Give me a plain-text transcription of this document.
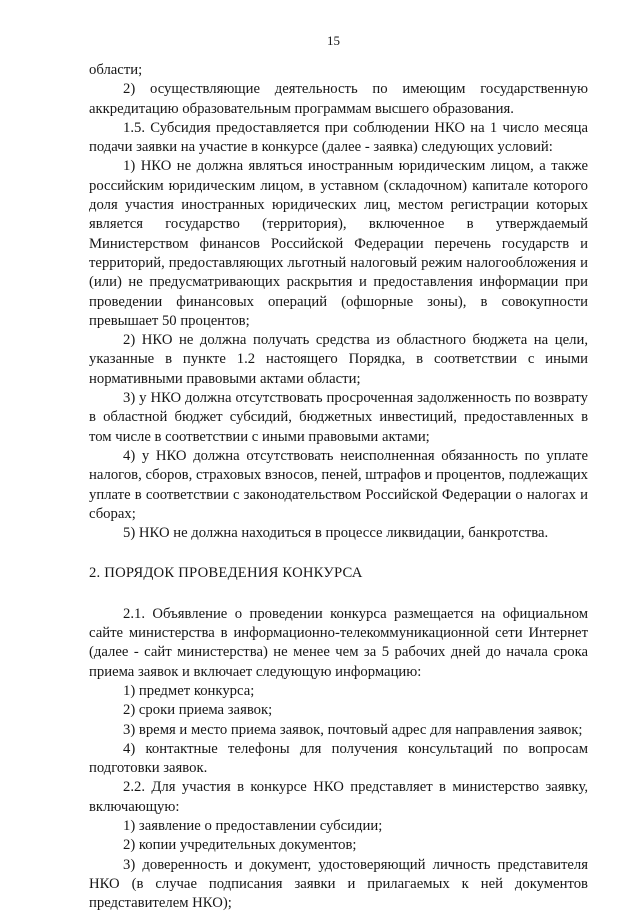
15

области;

2) осуществляющие деятельность по имеющим государственную аккредитацию образовательным программам высшего образования.

1.5. Субсидия предоставляется при соблюдении НКО на 1 число месяца подачи заявки на участие в конкурсе (далее - заявка) следующих условий:

1) НКО не должна являться иностранным юридическим лицом, а также российским юридическим лицом, в уставном (складочном) капитале которого доля участия иностранных юридических лиц, местом регистрации которых является государство (территория), включенное в утверждаемый Министерством финансов Российской Федерации перечень государств и территорий, предоставляющих льготный налоговый режим налогообложения и (или) не предусматривающих раскрытия и предоставления информации при проведении финансовых операций (офшорные зоны), в совокупности превышает 50 процентов;

2) НКО не должна получать средства из областного бюджета на цели, указанные в пункте 1.2 настоящего Порядка, в соответствии с иными нормативными правовыми актами области;

3) у НКО должна отсутствовать просроченная задолженность по возврату в областной бюджет субсидий, бюджетных инвестиций, предоставленных в том числе в соответствии с иными правовыми актами;

4) у НКО должна отсутствовать неисполненная обязанность по уплате налогов, сборов, страховых взносов, пеней, штрафов и процентов, подлежащих уплате в соответствии с законодательством Российской Федерации о налогах и сборах;

5) НКО не должна находиться в процессе ликвидации, банкротства.

2. ПОРЯДОК ПРОВЕДЕНИЯ КОНКУРСА

2.1. Объявление о проведении конкурса размещается на официальном сайте министерства в информационно-телекоммуникационной сети Интернет (далее - сайт министерства) не менее чем за 5 рабочих дней до начала срока приема заявок и включает следующую информацию:

1) предмет конкурса;

2) сроки приема заявок;

3) время и место приема заявок, почтовый адрес для направления заявок;

4) контактные телефоны для получения консультаций по вопросам подготовки заявок.

2.2. Для участия в конкурсе НКО представляет в министерство заявку, включающую:

1) заявление о предоставлении субсидии;

2) копии учредительных документов;

3) доверенность и документ, удостоверяющий личность представителя НКО (в случае подписания заявки и прилагаемых к ней документов представителем НКО);
